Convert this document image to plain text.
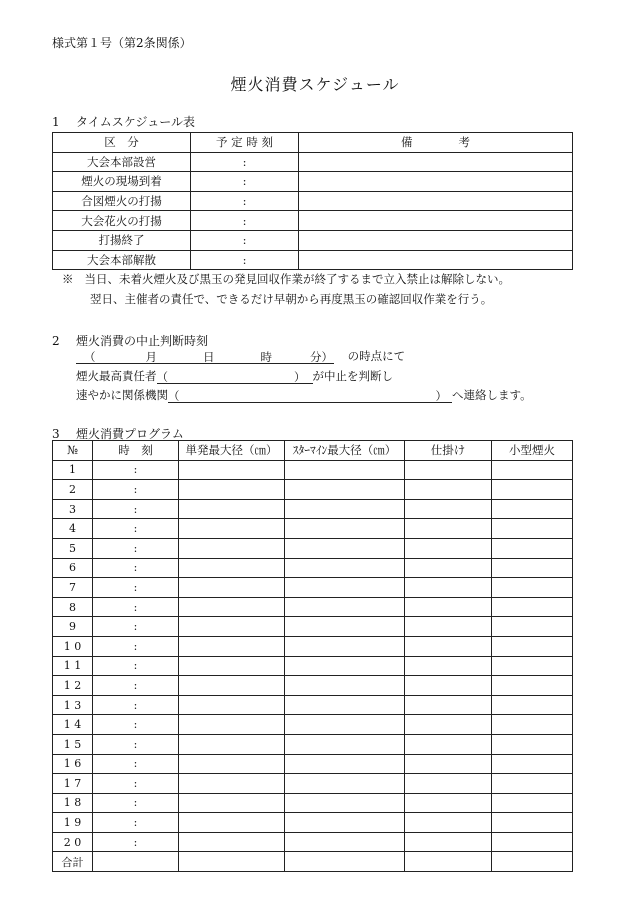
様式第１号（第2条関係）
煙火消費スケジュール
1 タイムスケジュール表
区　分	予 定 時 刻	備　　　　考
大会本部設営	:	
煙火の現場到着	:	
合図煙火の打揚	:	
大会花火の打揚	:	
打揚終了	:	
大会本部解散	:	
※ 当日、未着火煙火及び黒玉の発見回収作業が終了するまで立入禁止は解除しない。
翌日、主催者の責任で、できるだけ早朝から再度黒玉の確認回収作業を行う。
2 煙火消費の中止判断時刻
（	月	日	時	分） の時点にて
煙火最高責任者（	） が中止を判断し
速やかに関係機関（	） へ連絡します。
3 煙火消費プログラム
№	時　刻	単発最大径（㎝）	ｽﾀｰﾏｲﾝ最大径（㎝）	仕掛け	小型煙火
1	:				
2	:				
3	:				
4	:				
5	:				
6	:				
7	:				
8	:				
9	:				
1 0	:				
1 1	:				
1 2	:				
1 3	:				
1 4	:				
1 5	:				
1 6	:				
1 7	:				
1 8	:				
1 9	:				
2 0	:				
合計					
